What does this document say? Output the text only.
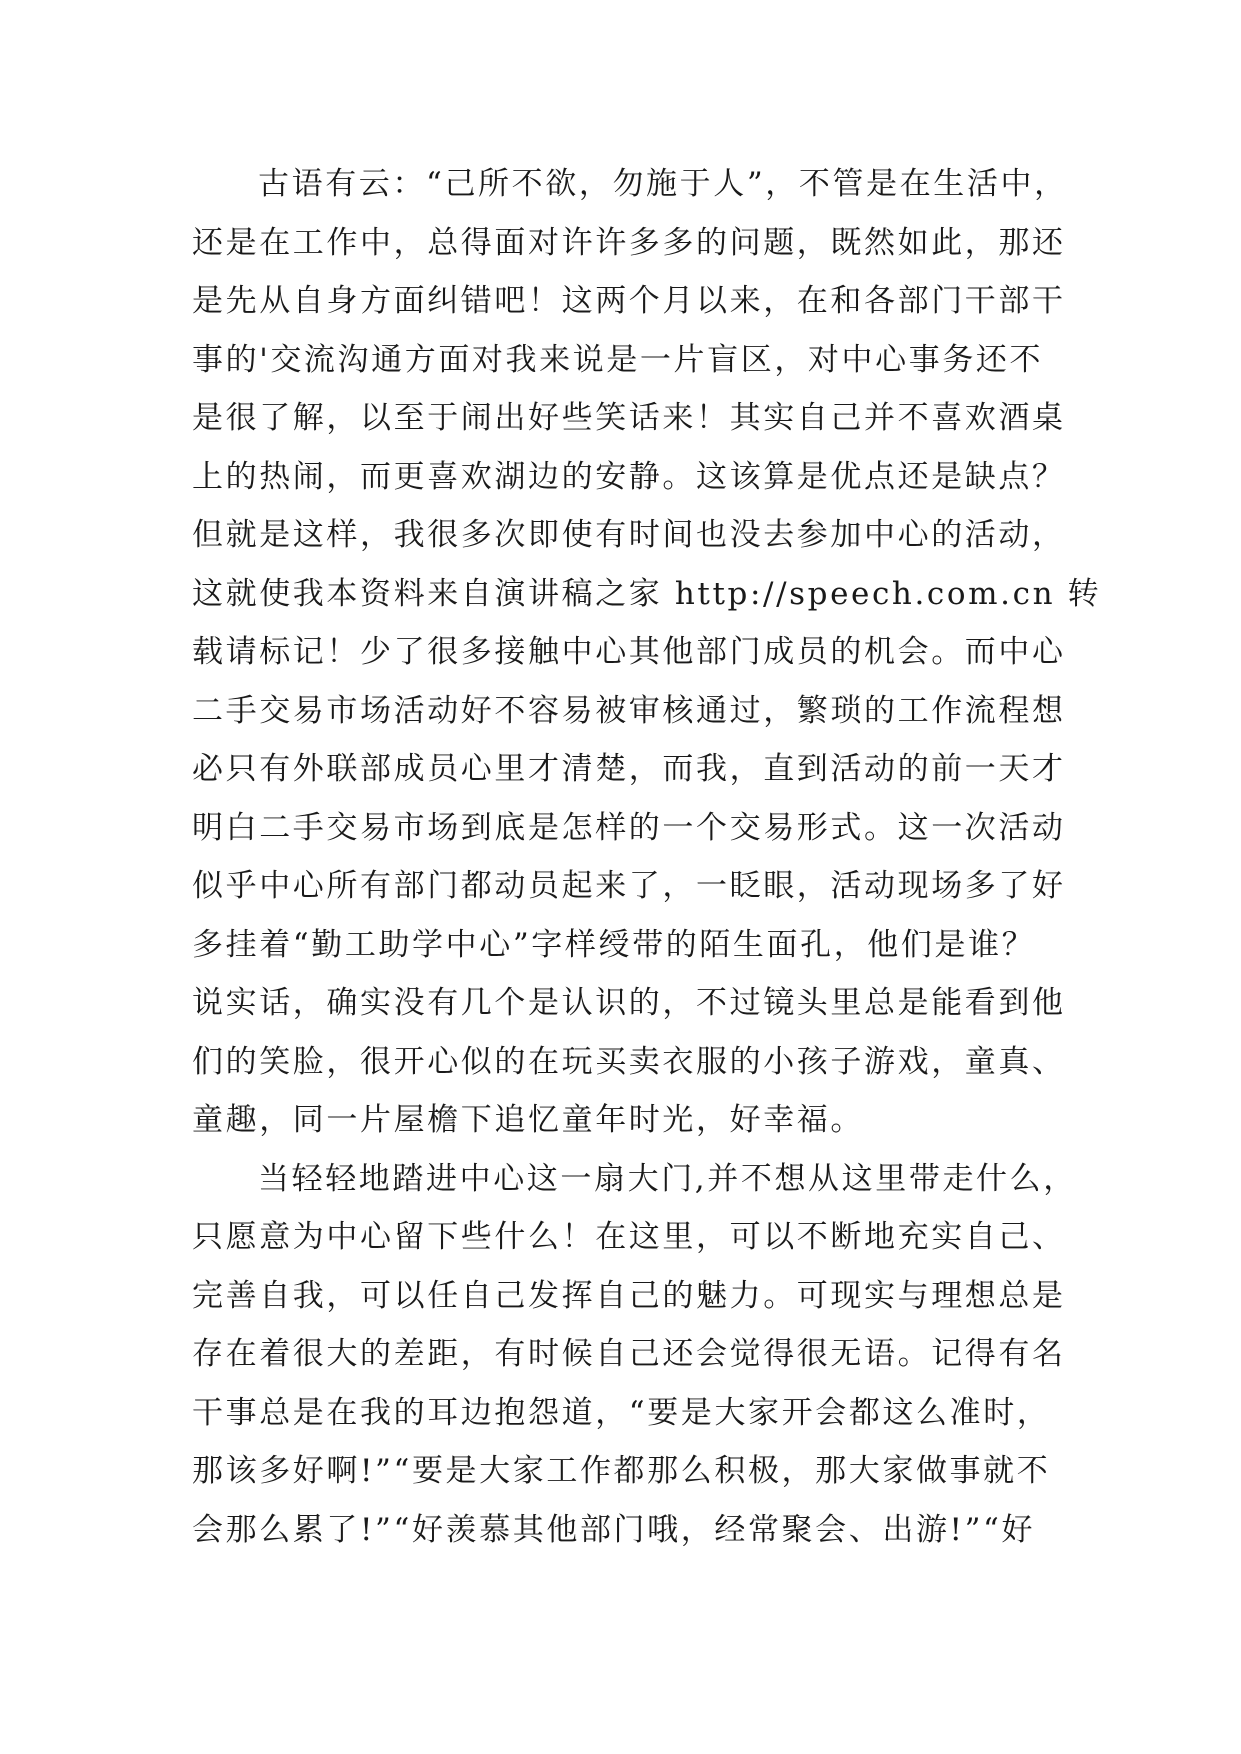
古语有云：“己所不欲，勿施于人”，不管是在生活中，
还是在工作中，总得面对许许多多的问题，既然如此，那还
是先从自身方面纠错吧！这两个月以来，在和各部门干部干
事的'交流沟通方面对我来说是一片盲区，对中心事务还不
是很了解，以至于闹出好些笑话来！其实自己并不喜欢酒桌
上的热闹，而更喜欢湖边的安静。这该算是优点还是缺点？
但就是这样，我很多次即使有时间也没去参加中心的活动，
这就使我本资料来自演讲稿之家 http://speech.com.cn 转
载请标记！少了很多接触中心其他部门成员的机会。而中心
二手交易市场活动好不容易被审核通过，繁琐的工作流程想
必只有外联部成员心里才清楚，而我，直到活动的前一天才
明白二手交易市场到底是怎样的一个交易形式。这一次活动
似乎中心所有部门都动员起来了，一眨眼，活动现场多了好
多挂着“勤工助学中心”字样绶带的陌生面孔，他们是谁？
说实话，确实没有几个是认识的，不过镜头里总是能看到他
们的笑脸，很开心似的在玩买卖衣服的小孩子游戏，童真、
童趣，同一片屋檐下追忆童年时光，好幸福。
当轻轻地踏进中心这一扇大门,并不想从这里带走什么，
只愿意为中心留下些什么！在这里，可以不断地充实自己、
完善自我，可以任自己发挥自己的魅力。可现实与理想总是
存在着很大的差距，有时候自己还会觉得很无语。记得有名
干事总是在我的耳边抱怨道，“要是大家开会都这么准时，
那该多好啊!”“要是大家工作都那么积极，那大家做事就不
会那么累了!”“好羡慕其他部门哦，经常聚会、出游!”“好
